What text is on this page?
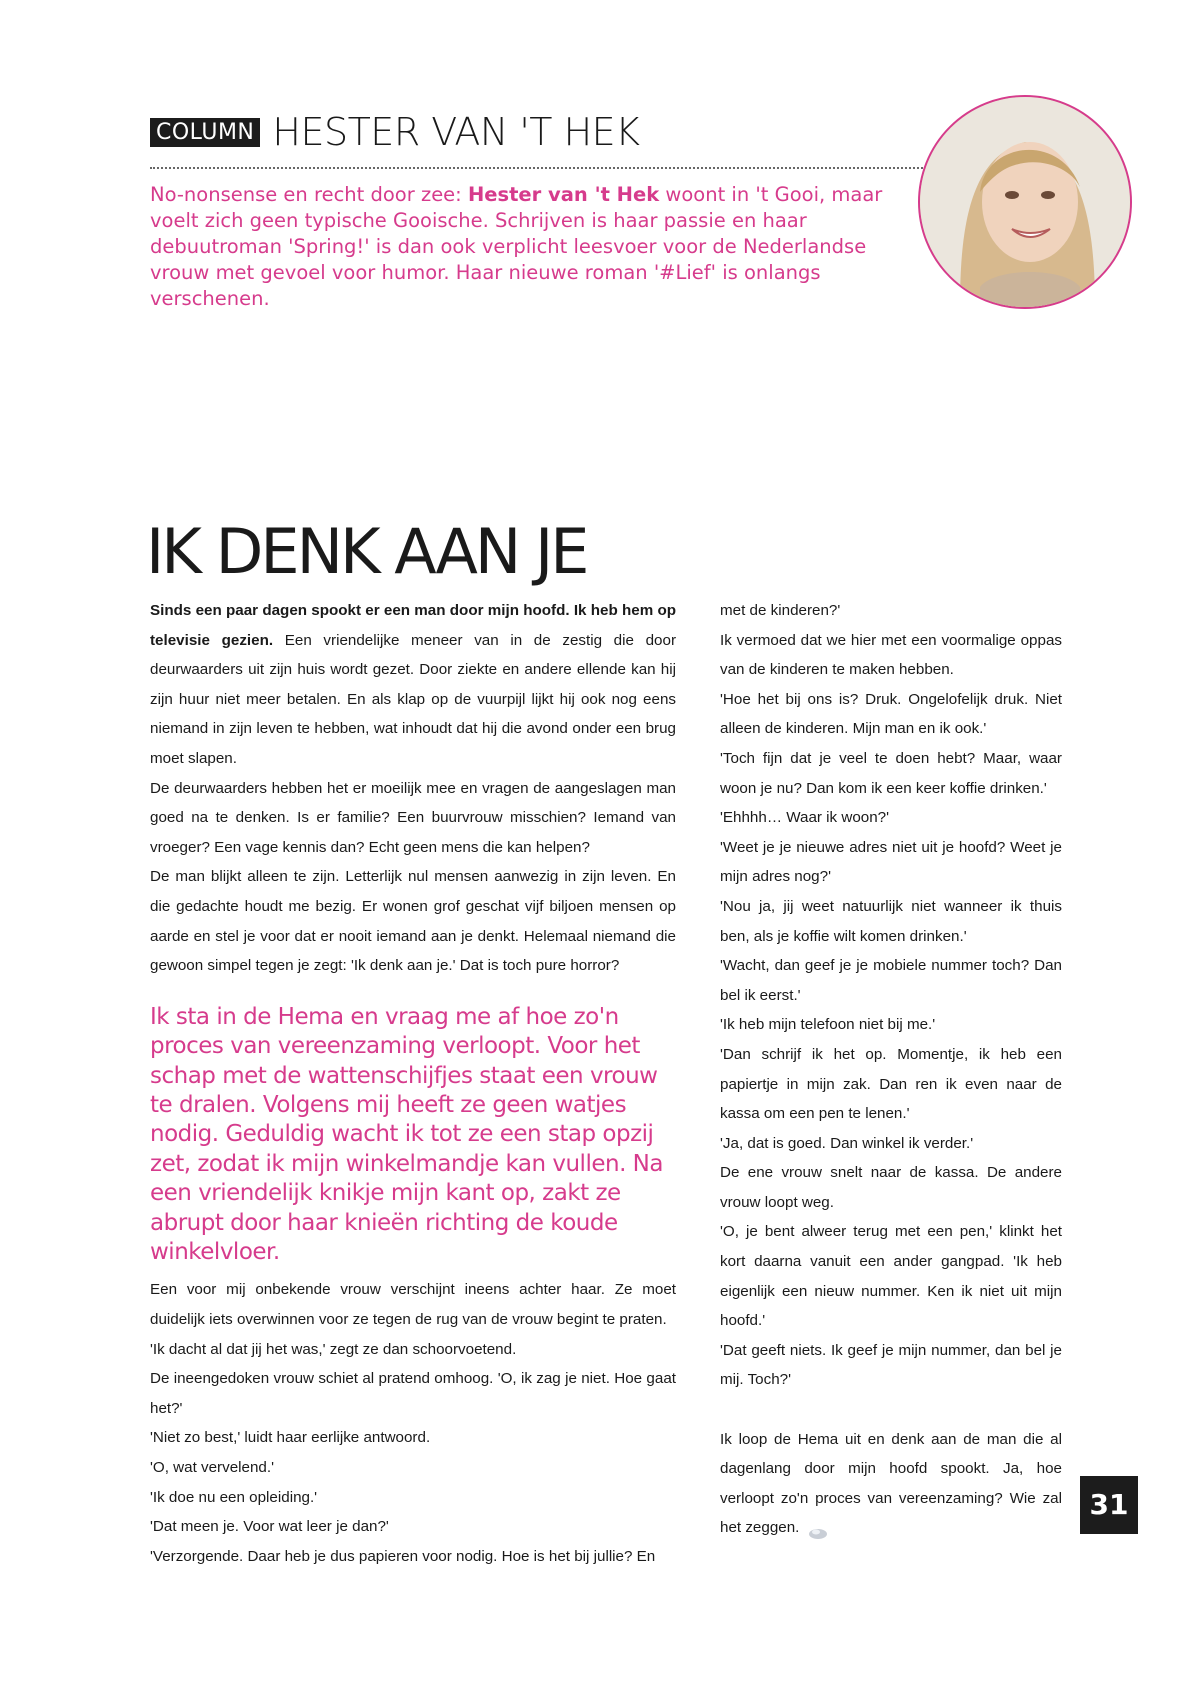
COLUMN HESTER VAN 'T HEK

No-nonsense en recht door zee: Hester van 't Hek woont in 't Gooi, maar voelt zich geen typische Gooische. Schrijven is haar passie en haar debuutroman 'Spring!' is dan ook verplicht leesvoer voor de Nederlandse vrouw met gevoel voor humor. Haar nieuwe roman '#Lief' is onlangs verschenen.

IK DENK AAN JE

Sinds een paar dagen spookt er een man door mijn hoofd. Ik heb hem op televisie gezien. Een vriendelijke meneer van in de zestig die door deurwaarders uit zijn huis wordt gezet. Door ziekte en andere ellende kan hij zijn huur niet meer betalen. En als klap op de vuurpijl lijkt hij ook nog eens niemand in zijn leven te hebben, wat inhoudt dat hij die avond onder een brug moet slapen.

De deurwaarders hebben het er moeilijk mee en vragen de aangeslagen man goed na te denken. Is er familie? Een buurvrouw misschien? Iemand van vroeger? Een vage kennis dan? Echt geen mens die kan helpen?

De man blijkt alleen te zijn. Letterlijk nul mensen aanwezig in zijn leven. En die gedachte houdt me bezig. Er wonen grof geschat vijf biljoen mensen op aarde en stel je voor dat er nooit iemand aan je denkt. Helemaal niemand die gewoon simpel tegen je zegt: 'Ik denk aan je.' Dat is toch pure horror?

Ik sta in de Hema en vraag me af hoe zo'n proces van vereenzaming verloopt. Voor het schap met de wattenschijfjes staat een vrouw te dralen. Volgens mij heeft ze geen watjes nodig. Geduldig wacht ik tot ze een stap opzij zet, zodat ik mijn winkelmandje kan vullen. Na een vriendelijk knikje mijn kant op, zakt ze abrupt door haar knieën richting de koude winkelvloer.

Een voor mij onbekende vrouw verschijnt ineens achter haar. Ze moet duidelijk iets overwinnen voor ze tegen de rug van de vrouw begint te praten.

'Ik dacht al dat jij het was,' zegt ze dan schoorvoetend.

De ineengedoken vrouw schiet al pratend omhoog. 'O, ik zag je niet. Hoe gaat het?'

'Niet zo best,' luidt haar eerlijke antwoord.

'O, wat vervelend.'

'Ik doe nu een opleiding.'

'Dat meen je. Voor wat leer je dan?'

'Verzorgende. Daar heb je dus papieren voor nodig. Hoe is het bij jullie? En

met de kinderen?'

Ik vermoed dat we hier met een voormalige oppas van de kinderen te maken hebben.

'Hoe het bij ons is? Druk. Ongelofelijk druk. Niet alleen de kinderen. Mijn man en ik ook.'

'Toch fijn dat je veel te doen hebt? Maar, waar woon je nu? Dan kom ik een keer koffie drinken.'

'Ehhhh… Waar ik woon?'

'Weet je je nieuwe adres niet uit je hoofd? Weet je mijn adres nog?'

'Nou ja, jij weet natuurlijk niet wanneer ik thuis ben, als je koffie wilt komen drinken.'

'Wacht, dan geef je je mobiele nummer toch? Dan bel ik eerst.'

'Ik heb mijn telefoon niet bij me.'

'Dan schrijf ik het op. Momentje, ik heb een papiertje in mijn zak. Dan ren ik even naar de kassa om een pen te lenen.'

'Ja, dat is goed. Dan winkel ik verder.'

De ene vrouw snelt naar de kassa. De andere vrouw loopt weg.

'O, je bent alweer terug met een pen,' klinkt het kort daarna vanuit een ander gangpad. 'Ik heb eigenlijk een nieuw nummer. Ken ik niet uit mijn hoofd.'

'Dat geeft niets. Ik geef je mijn nummer, dan bel je mij. Toch?'

Ik loop de Hema uit en denk aan de man die al dagenlang door mijn hoofd spookt. Ja, hoe verloopt zo'n proces van vereenzaming? Wie zal het zeggen.

31
